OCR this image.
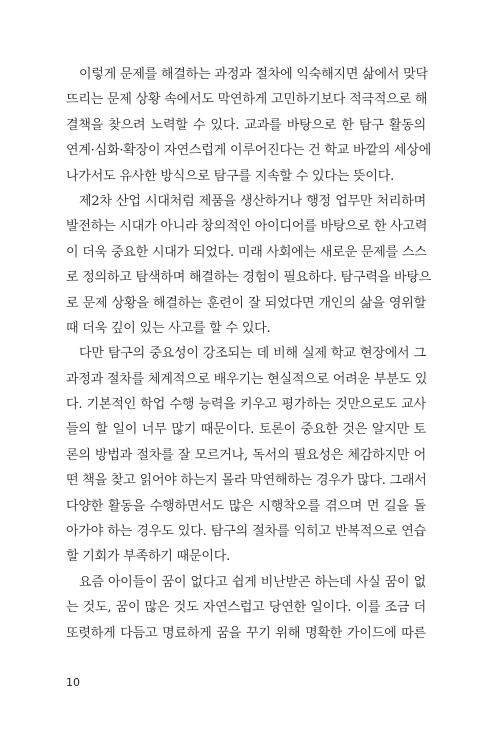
이렇게 문제를 해결하는 과정과 절차에 익숙해지면 삶에서 맞닥
뜨리는 문제 상황 속에서도 막연하게 고민하기보다 적극적으로 해
결책을 찾으려 노력할 수 있다. 교과를 바탕으로 한 탐구 활동의
연계·심화·확장이 자연스럽게 이루어진다는 건 학교 바깥의 세상에
나가서도 유사한 방식으로 탐구를 지속할 수 있다는 뜻이다.
제2차 산업 시대처럼 제품을 생산하거나 행정 업무만 처리하며
발전하는 시대가 아니라 창의적인 아이디어를 바탕으로 한 사고력
이 더욱 중요한 시대가 되었다. 미래 사회에는 새로운 문제를 스스
로 정의하고 탐색하며 해결하는 경험이 필요하다. 탐구력을 바탕으
로 문제 상황을 해결하는 훈련이 잘 되었다면 개인의 삶을 영위할
때 더욱 깊이 있는 사고를 할 수 있다.
다만 탐구의 중요성이 강조되는 데 비해 실제 학교 현장에서 그
과정과 절차를 체계적으로 배우기는 현실적으로 어려운 부분도 있
다. 기본적인 학업 수행 능력을 키우고 평가하는 것만으로도 교사
들의 할 일이 너무 많기 때문이다. 토론이 중요한 것은 알지만 토
론의 방법과 절차를 잘 모르거나, 독서의 필요성은 체감하지만 어
떤 책을 찾고 읽어야 하는지 몰라 막연해하는 경우가 많다. 그래서
다양한 활동을 수행하면서도 많은 시행착오를 겪으며 먼 길을 돌
아가야 하는 경우도 있다. 탐구의 절차를 익히고 반복적으로 연습
할 기회가 부족하기 때문이다.
요즘 아이들이 꿈이 없다고 쉽게 비난받곤 하는데 사실 꿈이 없
는 것도, 꿈이 많은 것도 자연스럽고 당연한 일이다. 이를 조금 더
또렷하게 다듬고 명료하게 꿈을 꾸기 위해 명확한 가이드에 따른
10
